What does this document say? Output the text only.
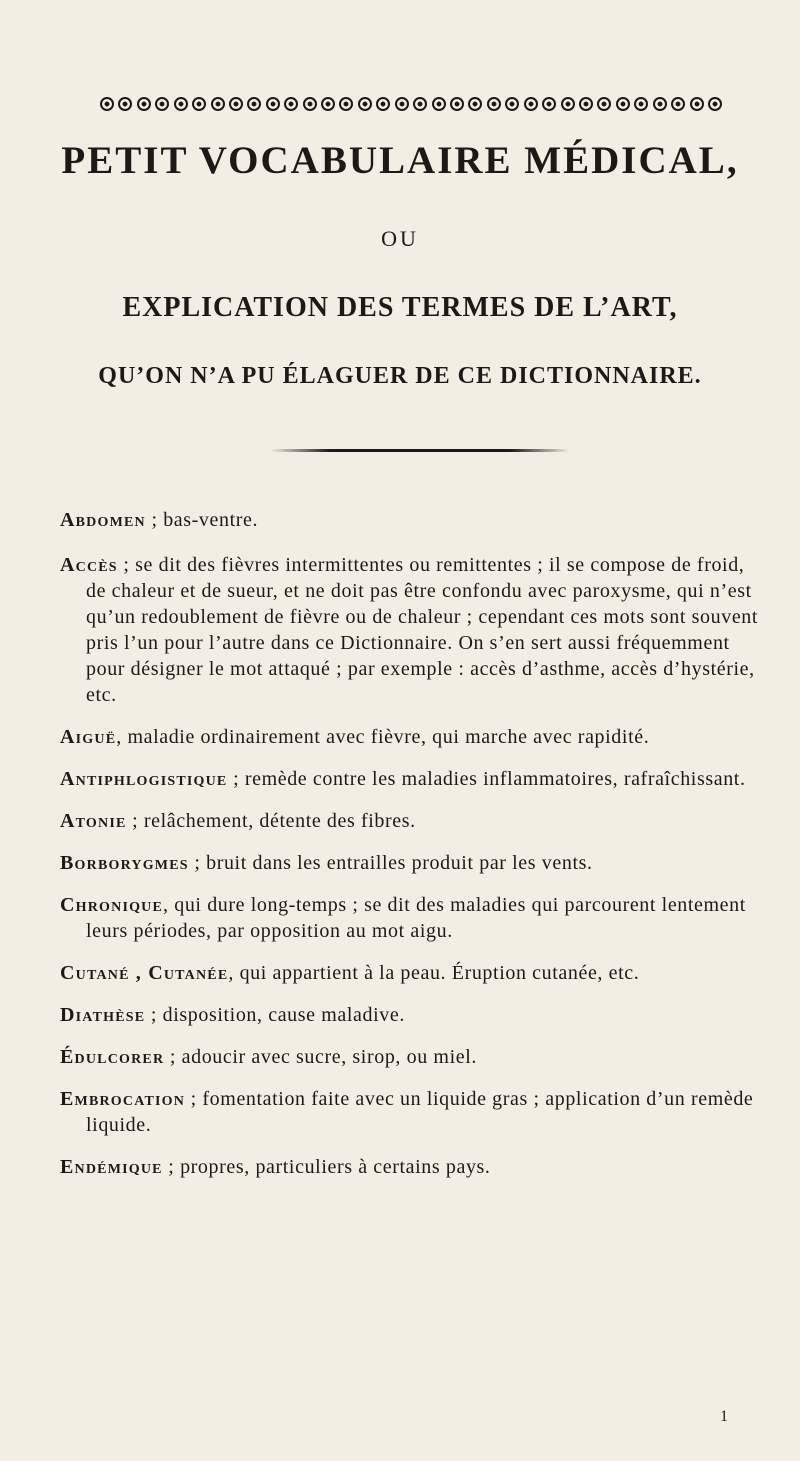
PETIT VOCABULAIRE MÉDICAL,
OU
EXPLICATION DES TERMES DE L’ART,
QU’ON N’A PU ÉLAGUER DE CE DICTIONNAIRE.
Abdomen ; bas-ventre.
Accès ; se dit des fièvres intermittentes ou remittentes ; il se compose de froid, de chaleur et de sueur, et ne doit pas être confondu avec paroxysme, qui n’est qu’un redoublement de fièvre ou de chaleur ; cependant ces mots sont souvent pris l’un pour l’autre dans ce Dictionnaire. On s’en sert aussi fréquemment pour désigner le mot attaqué ; par exemple : accès d’asthme, accès d’hystérie, etc.
Aiguë, maladie ordinairement avec fièvre, qui marche avec rapidité.
Antiphlogistique ; remède contre les maladies inflammatoires, rafraîchissant.
Atonie ; relâchement, détente des fibres.
Borborygmes ; bruit dans les entrailles produit par les vents.
Chronique, qui dure long-temps ; se dit des maladies qui parcourent lentement leurs périodes, par opposition au mot aigu.
Cutané , Cutanée, qui appartient à la peau. Éruption cutanée, etc.
Diathèse ; disposition, cause maladive.
Édulcorer ; adoucir avec sucre, sirop, ou miel.
Embrocation ; fomentation faite avec un liquide gras ; application d’un remède liquide.
Endémique ; propres, particuliers à certains pays.
1
